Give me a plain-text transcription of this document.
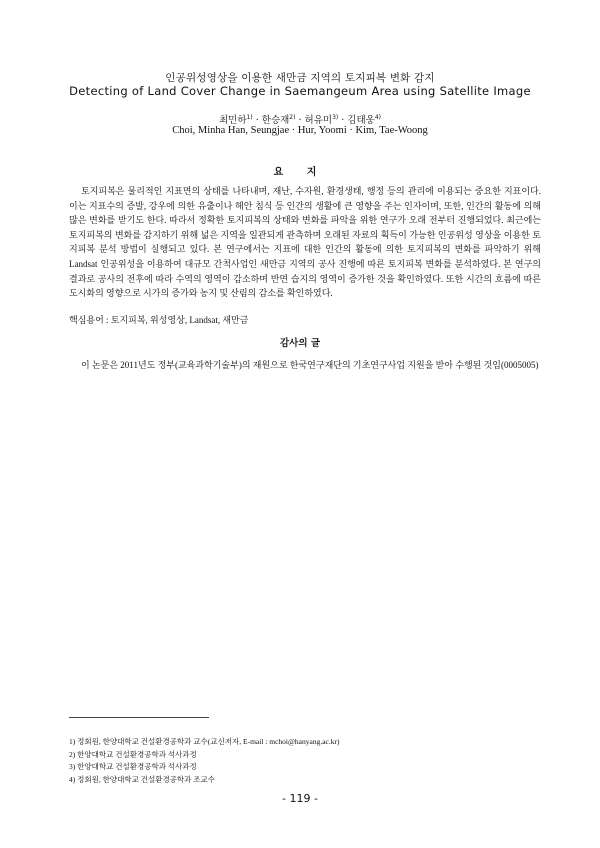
인공위성영상을 이용한 새만금 지역의 토지피복 변화 감지
Detecting of Land Cover Change in Saemangeum Area using Satellite Image
최민하$^{1)}$ · 한승재$^{2)}$ · 허유미$^{3)}$ · 김태웅$^{4)}$
Choi, Minha Han, Seungjae · Hur, Yoomi · Kim, Tae-Woong
요 지

토지피복은 물리적인 지표면의 상태를 나타내며, 재난, 수자원, 환경생태, 행정 등의 관리에 이용되는 중요한 지표이다. 이는 지표수의 증발, 강우에 의한 유출이나 해안 침식 등 인간의 생활에 큰 영향을 주는 인자이며, 또한, 인간의 활동에 의해 많은 변화를 받기도 한다. 따라서 정확한 토지피복의 상태와 변화를 파악을 위한 연구가 오래 전부터 진행되었다. 최근에는 토지피복의 변화를 감지하기 위해 넓은 지역을 일관되게 관측하며 오래된 자료의 획득이 가능한 인공위성 영상을 이용한 토지피복 분석 방법이 실행되고 있다. 본 연구에서는 지표에 대한 인간의 활동에 의한 토지피복의 변화를 파악하기 위해 Landsat 인공위성을 이용하여 대규모 간척사업인 새만금 지역의 공사 진행에 따른 토지피복 변화를 분석하였다. 본 연구의 결과로 공사의 전후에 따라 수역의 영역이 감소하며 반면 습지의 영역이 증가한 것을 확인하였다. 또한 시간의 흐름에 따른 도시화의 영향으로 시가의 증가와 농지 및 산림의 감소를 확인하였다.

핵심용어 : 토지피복, 위성영상, Landsat, 새만금
감사의 글

이 논문은 2011년도 정부(교육과학기술부)의 재원으로 한국연구재단의 기초연구사업 지원을 받아 수행된 것임(0005005)

1) 정회원, 한양대학교 건설환경공학과 교수(교신저자, E-mail : mchoi@hanyang.ac.kr)
2) 한양대학교 건설환경공학과 석사과정
3) 한양대학교 건설환경공학과 석사과정
4) 정회원, 한양대학교 건설환경공학과 조교수
- 119 -
